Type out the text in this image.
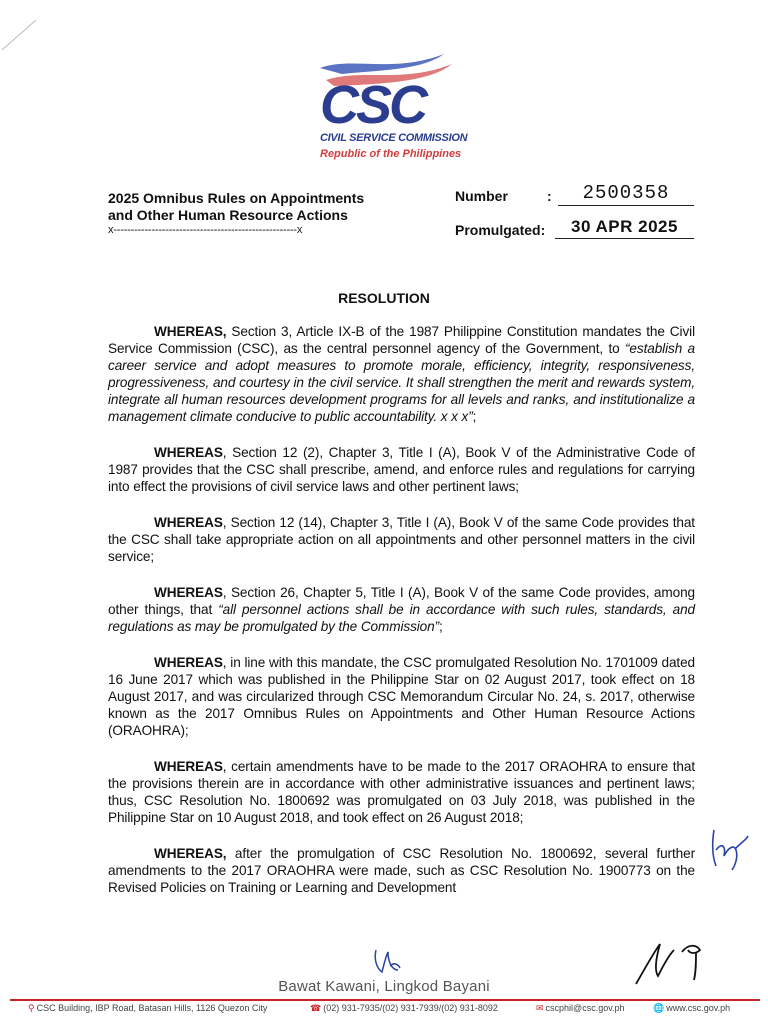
CSC
CIVIL SERVICE COMMISSION
Republic of the Philippines
2025 Omnibus Rules on Appointments
and Other Human Resource Actions
x-----------------------------------------------------x
Number	:	2500358
Promulgated:	30 APR 2025
RESOLUTION

WHEREAS, Section 3, Article IX-B of the 1987 Philippine Constitution mandates the Civil Service Commission (CSC), as the central personnel agency of the Government, to “establish a career service and adopt measures to promote morale, efficiency, integrity, responsiveness, progressiveness, and courtesy in the civil service. It shall strengthen the merit and rewards system, integrate all human resources development programs for all levels and ranks, and institutionalize a management climate conducive to public accountability. x x x”;

WHEREAS, Section 12 (2), Chapter 3, Title I (A), Book V of the Administrative Code of 1987 provides that the CSC shall prescribe, amend, and enforce rules and regulations for carrying into effect the provisions of civil service laws and other pertinent laws;

WHEREAS, Section 12 (14), Chapter 3, Title I (A), Book V of the same Code provides that the CSC shall take appropriate action on all appointments and other personnel matters in the civil service;

WHEREAS, Section 26, Chapter 5, Title I (A), Book V of the same Code provides, among other things, that “all personnel actions shall be in accordance with such rules, standards, and regulations as may be promulgated by the Commission”;

WHEREAS, in line with this mandate, the CSC promulgated Resolution No. 1701009 dated 16 June 2017 which was published in the Philippine Star on 02 August 2017, took effect on 18 August 2017, and was circularized through CSC Memorandum Circular No. 24, s. 2017, otherwise known as the 2017 Omnibus Rules on Appointments and Other Human Resource Actions (ORAOHRA);

WHEREAS, certain amendments have to be made to the 2017 ORAOHRA to ensure that the provisions therein are in accordance with other administrative issuances and pertinent laws; thus, CSC Resolution No. 1800692 was promulgated on 03 July 2018, was published in the Philippine Star on 10 August 2018, and took effect on 26 August 2018;

WHEREAS, after the promulgation of CSC Resolution No. 1800692, several further amendments to the 2017 ORAOHRA were made, such as CSC Resolution No. 1900773 on the Revised Policies on Training or Learning and Development

Bawat Kawani, Lingkod Bayani
⚲ CSC Building, IBP Road, Batasan Hills, 1126 Quezon City	☎ (02) 931-7935/(02) 931-7939/(02) 931-8092	✉ cscphil@csc.gov.ph	🌐 www.csc.gov.ph
